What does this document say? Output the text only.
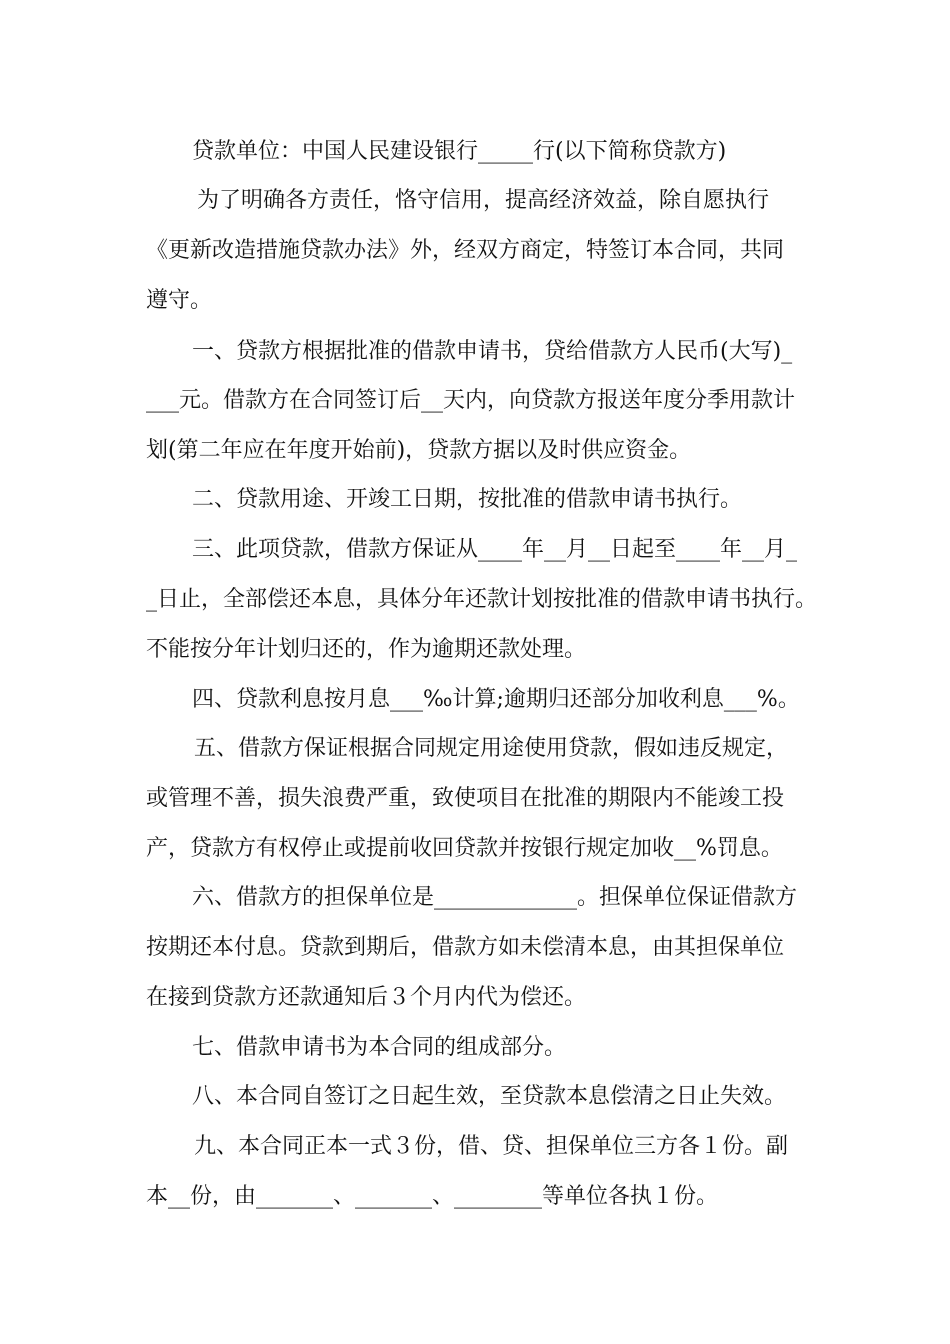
贷款单位：中国人民建设银行_____行(以下简称贷款方)
为了明确各方责任，恪守信用，提高经济效益，除自愿执行
《更新改造措施贷款办法》外，经双方商定，特签订本合同，共同
遵守。
一、贷款方根据批准的借款申请书，贷给借款方人民币(大写)_
___元。借款方在合同签订后__天内，向贷款方报送年度分季用款计
划(第二年应在年度开始前)，贷款方据以及时供应资金。
二、贷款用途、开竣工日期，按批准的借款申请书执行。
三、此项贷款，借款方保证从____年__月__日起至____年__月_
_日止，全部偿还本息，具体分年还款计划按批准的借款申请书执行。
不能按分年计划归还的，作为逾期还款处理。
四、贷款利息按月息___‰计算;逾期归还部分加收利息___%。
五、借款方保证根据合同规定用途使用贷款，假如违反规定，
或管理不善，损失浪费严重，致使项目在批准的期限内不能竣工投
产，贷款方有权停止或提前收回贷款并按银行规定加收__%罚息。
六、借款方的担保单位是_____________。担保单位保证借款方
按期还本付息。贷款到期后，借款方如未偿清本息，由其担保单位
在接到贷款方还款通知后３个月内代为偿还。
七、借款申请书为本合同的组成部分。
八、本合同自签订之日起生效，至贷款本息偿清之日止失效。
九、本合同正本一式３份，借、贷、担保单位三方各１份。副
本__份，由_______、_______、________等单位各执１份。
